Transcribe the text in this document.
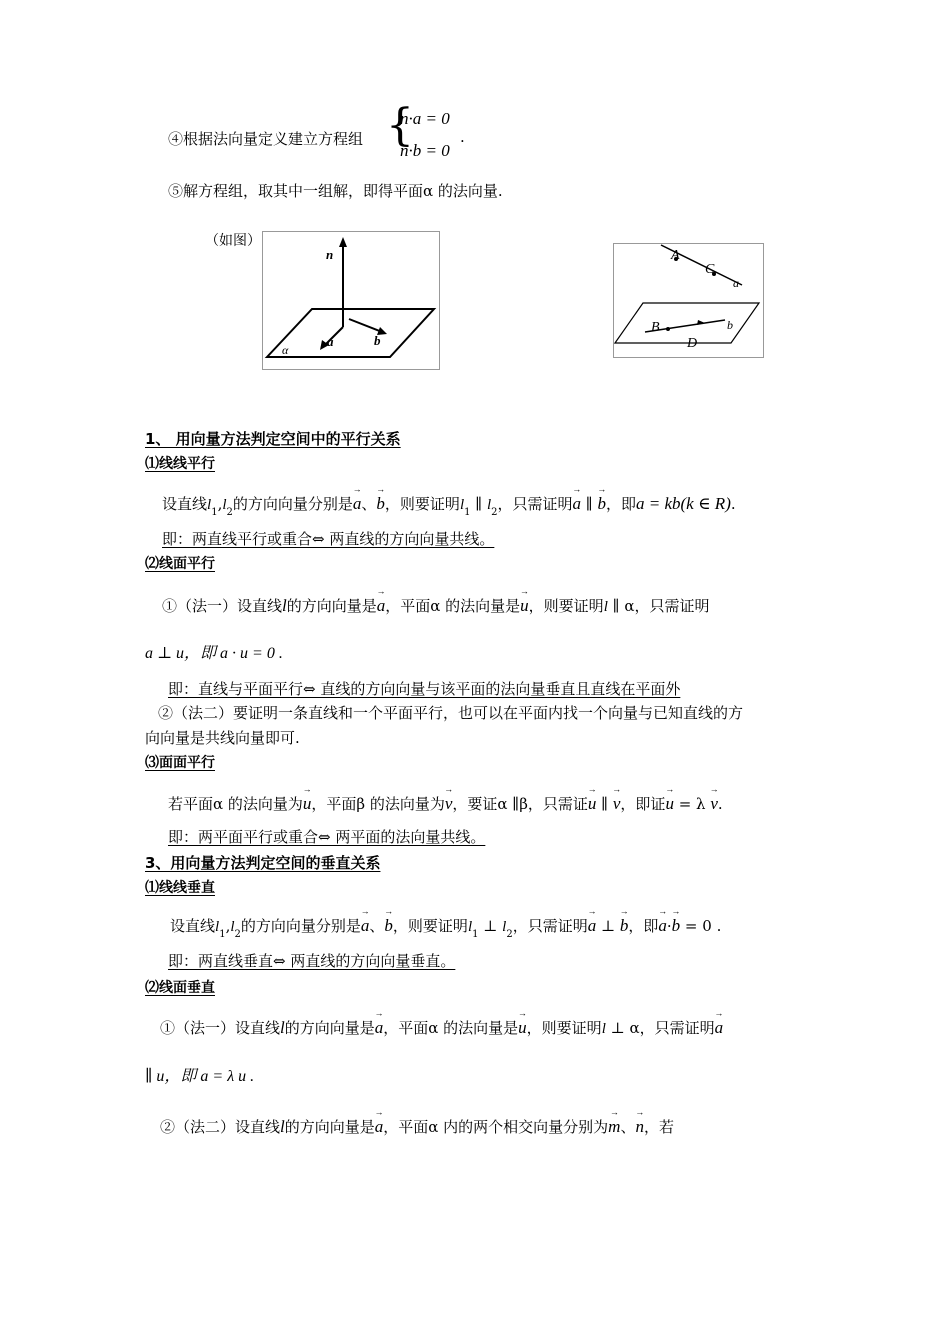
④根据法向量定义建立方程组 {
n·a = 0
n·b = 0
.
⑤解方程组，取其中一组解，即得平面α 的法向量.
（如图）
n
a	b
α
A
C
a
B
D
b
1、 用向量方法判定空间中的平行关系
⑴线线平行
设直线$l_1,l_2$的方向向量分别是→ a、→ b，则要证明$l_1$ ∥ $l_2$，只需证明→ a ∥ → b，即a = kb(k ∈ R).
即：两直线平行或重合⇔ 两直线的方向向量共线。
⑵线面平行
①（法一）设直线l的方向向量是→ a，平面α 的法向量是→ u，则要证明l ∥ α，只需证明
a ⊥ u，即 a · u = 0 .
即：直线与平面平行⇔ 直线的方向向量与该平面的法向量垂直且直线在平面外
②（法二）要证明一条直线和一个平面平行，也可以在平面内找一个向量与已知直线的方
向向量是共线向量即可.
⑶面面平行
若平面α 的法向量为→ u，平面β 的法向量为→ v，要证α ∥β，只需证→ u ∥ → v，即证→ u = λ → v.
即：两平面平行或重合⇔ 两平面的法向量共线。
3、用向量方法判定空间的垂直关系
⑴线线垂直
设直线$l_1,l_2$的方向向量分别是→ a、→ b，则要证明$l_1$ ⊥ $l_2$，只需证明→ a ⊥ → b，即→ a·→ b = 0 .
即：两直线垂直⇔ 两直线的方向向量垂直。
⑵线面垂直
①（法一）设直线l的方向向量是→ a，平面α 的法向量是→ u，则要证明l ⊥ α，只需证明→ a
∥ u，即 a = λ u .
②（法二）设直线l的方向向量是→ a，平面α 内的两个相交向量分别为→ m、→ n，若
